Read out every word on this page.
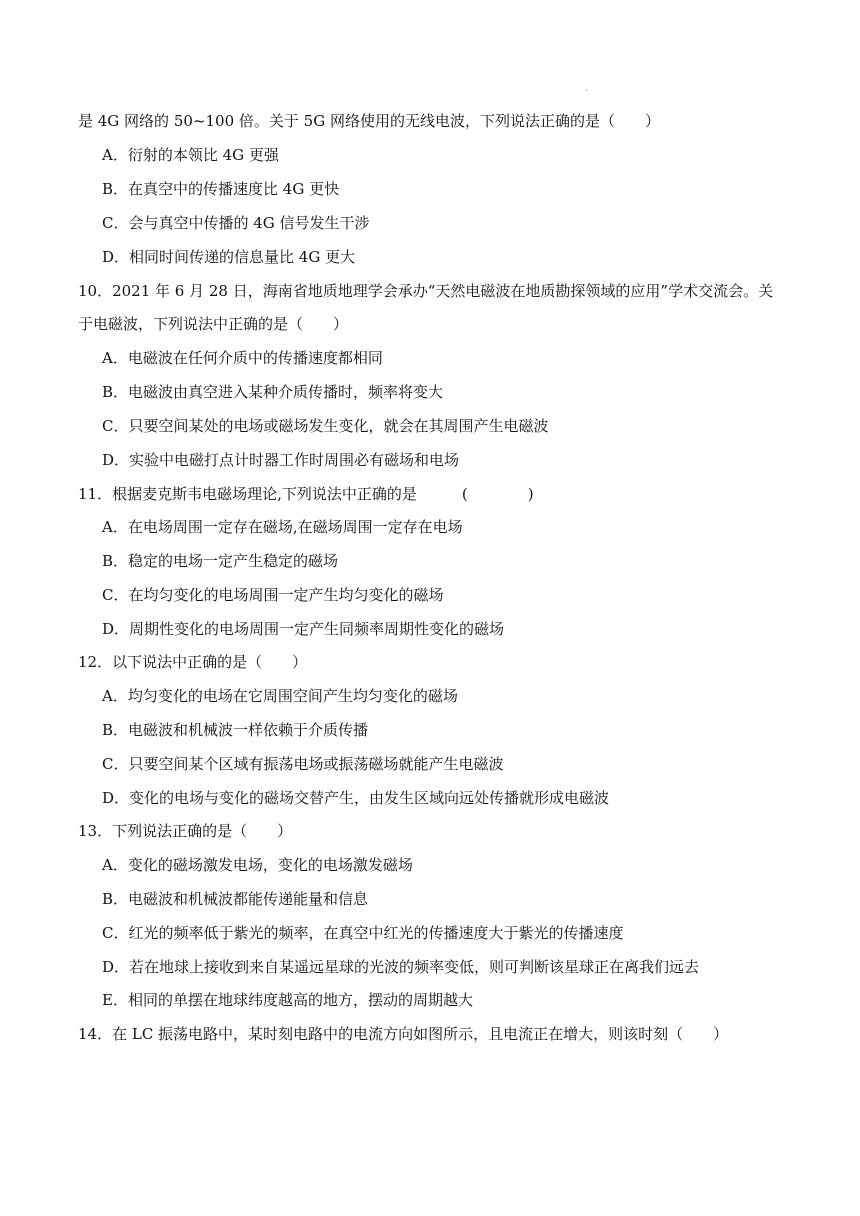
.
是 4G 网络的 50~100 倍。关于 5G 网络使用的无线电波，下列说法正确的是（　　）
A．衍射的本领比 4G 更强
B．在真空中的传播速度比 4G 更快
C．会与真空中传播的 4G 信号发生干涉
D．相同时间传递的信息量比 4G 更大
10．2021 年 6 月 28 日，海南省地质地理学会承办“天然电磁波在地质勘探领域的应用”学术交流会。关
于电磁波，下列说法中正确的是（　　）
A．电磁波在任何介质中的传播速度都相同
B．电磁波由真空进入某种介质传播时，频率将变大
C．只要空间某处的电场或磁场发生变化，就会在其周围产生电磁波
D．实验中电磁打点计时器工作时周围必有磁场和电场
11．根据麦克斯韦电磁场理论,下列说法中正确的是　　　(　　　　)
A．在电场周围一定存在磁场,在磁场周围一定存在电场
B．稳定的电场一定产生稳定的磁场
C．在均匀变化的电场周围一定产生均匀变化的磁场
D．周期性变化的电场周围一定产生同频率周期性变化的磁场
12．以下说法中正确的是（　　）
A．均匀变化的电场在它周围空间产生均匀变化的磁场
B．电磁波和机械波一样依赖于介质传播
C．只要空间某个区域有振荡电场或振荡磁场就能产生电磁波
D．变化的电场与变化的磁场交替产生，由发生区域向远处传播就形成电磁波
13．下列说法正确的是（　　）
A．变化的磁场激发电场，变化的电场激发磁场
B．电磁波和机械波都能传递能量和信息
C．红光的频率低于紫光的频率，在真空中红光的传播速度大于紫光的传播速度
D．若在地球上接收到来自某遥远星球的光波的频率变低，则可判断该星球正在离我们远去
E．相同的单摆在地球纬度越高的地方，摆动的周期越大
14．在 LC 振荡电路中，某时刻电路中的电流方向如图所示，且电流正在增大，则该时刻（　　）
